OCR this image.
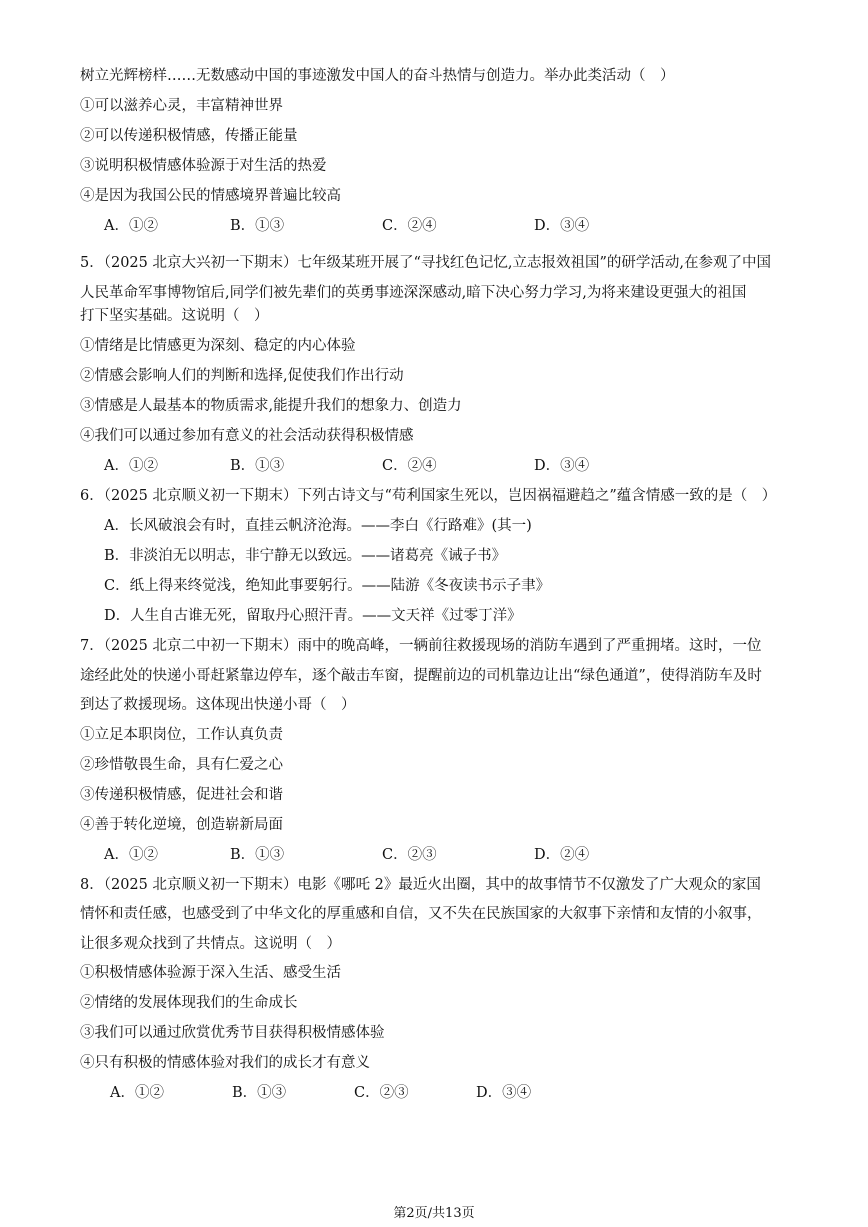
树立光辉榜样……无数感动中国的事迹激发中国人的奋斗热情与创造力。举办此类活动（　）
①可以滋养心灵，丰富精神世界
②可以传递积极情感，传播正能量
③说明积极情感体验源于对生活的热爱
④是因为我国公民的情感境界普遍比较高
A．①②	B．①③	C．②④	D．③④
5．（2025 北京大兴初一下期末）七年级某班开展了“寻找红色记忆,立志报效祖国”的研学活动,在参观了中国
人民革命军事博物馆后,同学们被先辈们的英勇事迹深深感动,暗下决心努力学习,为将来建设更强大的祖国
打下坚实基础。这说明（　）
①情绪是比情感更为深刻、稳定的内心体验
②情感会影响人们的判断和选择,促使我们作出行动
③情感是人最基本的物质需求,能提升我们的想象力、创造力
④我们可以通过参加有意义的社会活动获得积极情感
A．①②	B．①③	C．②④	D．③④
6．（2025 北京顺义初一下期末）下列古诗文与“苟利国家生死以，岂因祸福避趋之”蕴含情感一致的是（　）
A．长风破浪会有时，直挂云帆济沧海。——李白《行路难》(其一)
B．非淡泊无以明志，非宁静无以致远。——诸葛亮《诫子书》
C．纸上得来终觉浅，绝知此事要躬行。——陆游《冬夜读书示子聿》
D．人生自古谁无死，留取丹心照汗青。——文天祥《过零丁洋》
7．（2025 北京二中初一下期末）雨中的晚高峰，一辆前往救援现场的消防车遇到了严重拥堵。这时，一位
途经此处的快递小哥赶紧靠边停车，逐个敲击车窗，提醒前边的司机靠边让出“绿色通道”，使得消防车及时
到达了救援现场。这体现出快递小哥（　）
①立足本职岗位，工作认真负责
②珍惜敬畏生命，具有仁爱之心
③传递积极情感，促进社会和谐
④善于转化逆境，创造崭新局面
A．①②	B．①③	C．②③	D．②④
8．（2025 北京顺义初一下期末）电影《哪吒 2》最近火出圈，其中的故事情节不仅激发了广大观众的家国
情怀和责任感，也感受到了中华文化的厚重感和自信，又不失在民族国家的大叙事下亲情和友情的小叙事，
让很多观众找到了共情点。这说明（　）
①积极情感体验源于深入生活、感受生活
②情绪的发展体现我们的生命成长
③我们可以通过欣赏优秀节目获得积极情感体验
④只有积极的情感体验对我们的成长才有意义
A．①②	B．①③	C．②③	D．③④
第2页/共13页
